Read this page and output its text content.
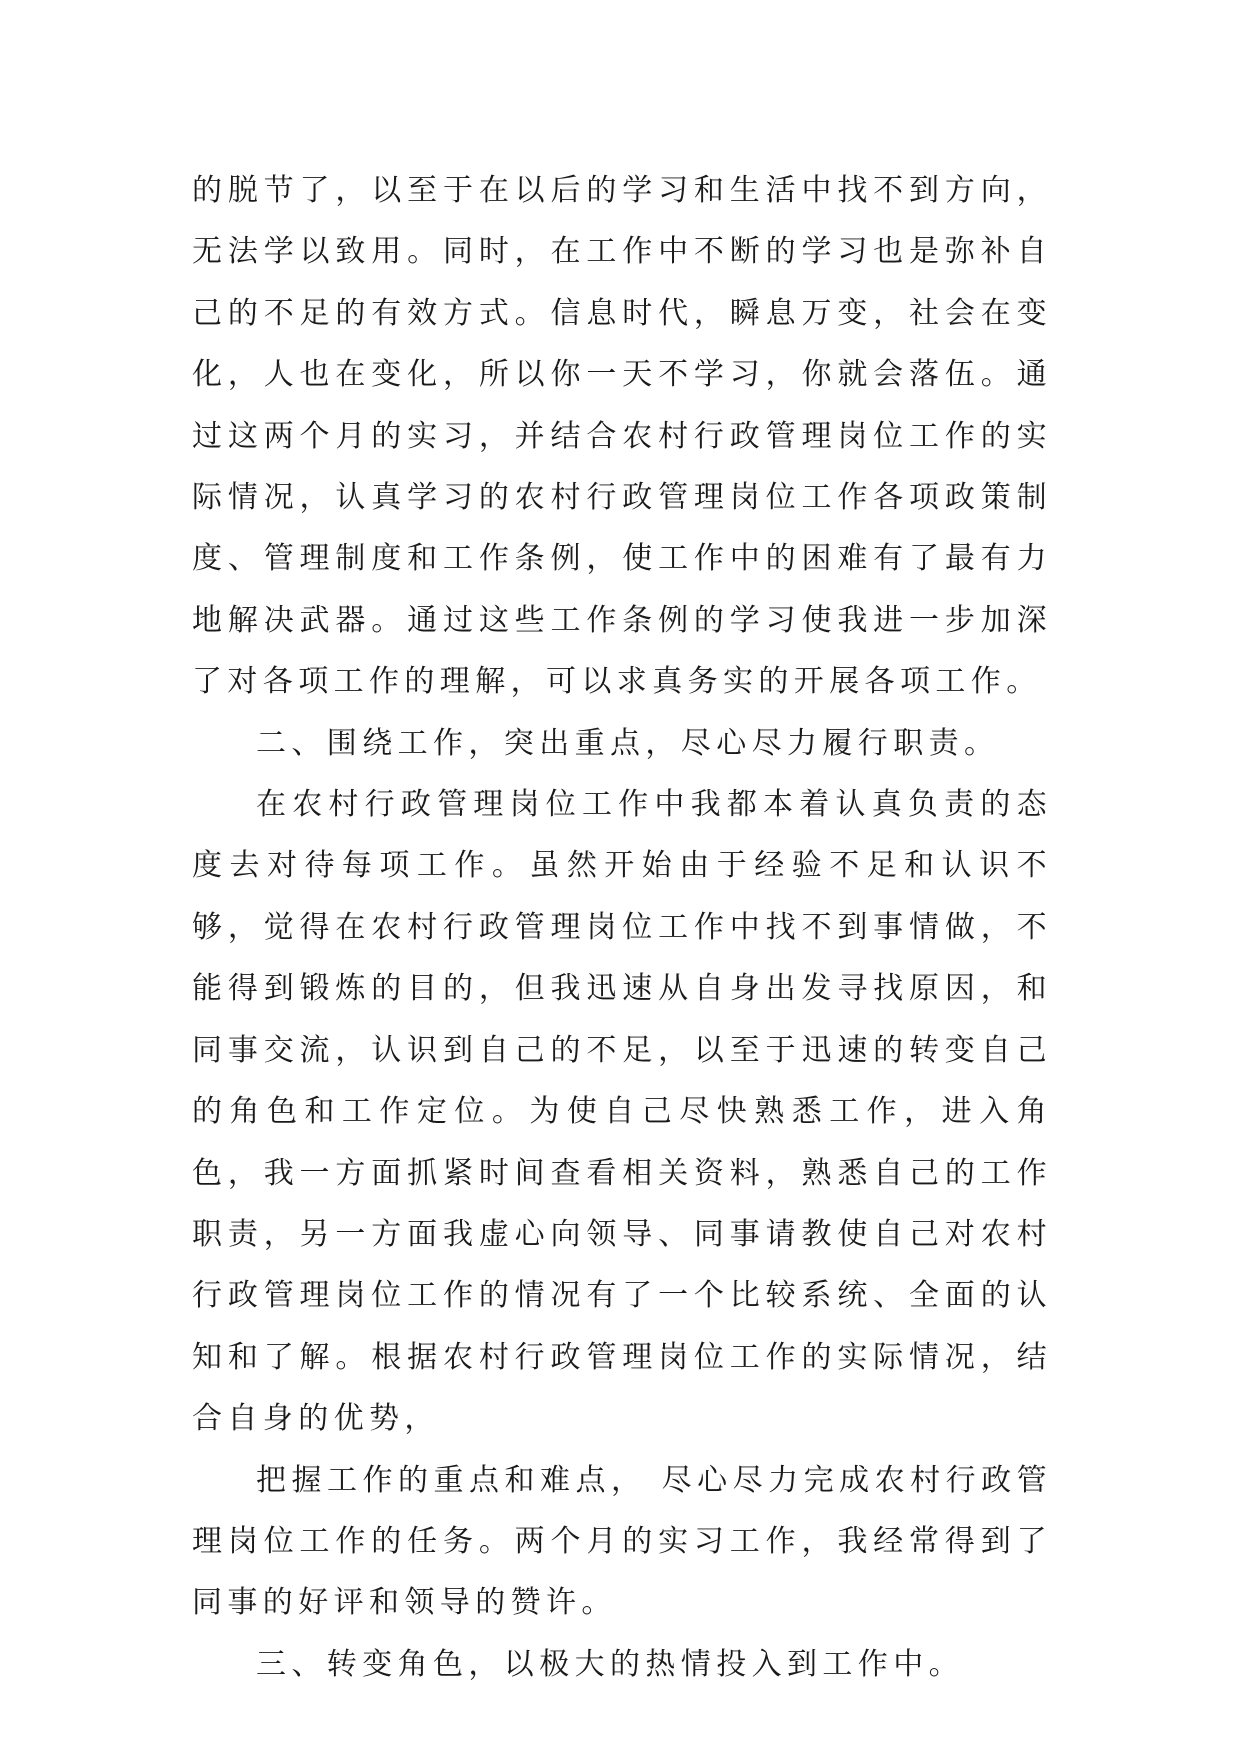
的脱节了，以至于在以后的学习和生活中找不到方向，无法学以致用。同时，在工作中不断的学习也是弥补自己的不足的有效方式。信息时代，瞬息万变，社会在变化，人也在变化，所以你一天不学习，你就会落伍。通过这两个月的实习，并结合农村行政管理岗位工作的实际情况，认真学习的农村行政管理岗位工作各项政策制度、管理制度和工作条例，使工作中的困难有了最有力地解决武器。通过这些工作条例的学习使我进一步加深了对各项工作的理解，可以求真务实的开展各项工作。

二、围绕工作，突出重点，尽心尽力履行职责。

在农村行政管理岗位工作中我都本着认真负责的态度去对待每项工作。虽然开始由于经验不足和认识不够，觉得在农村行政管理岗位工作中找不到事情做，不能得到锻炼的目的，但我迅速从自身出发寻找原因，和同事交流，认识到自己的不足，以至于迅速的转变自己的角色和工作定位。为使自己尽快熟悉工作，进入角色，我一方面抓紧时间查看相关资料，熟悉自己的工作职责，另一方面我虚心向领导、同事请教使自己对农村行政管理岗位工作的情况有了一个比较系统、全面的认知和了解。根据农村行政管理岗位工作的实际情况，结合自身的优势，

把握工作的重点和难点， 尽心尽力完成农村行政管理岗位工作的任务。两个月的实习工作，我经常得到了同事的好评和领导的赞许。

三、转变角色，以极大的热情投入到工作中。
